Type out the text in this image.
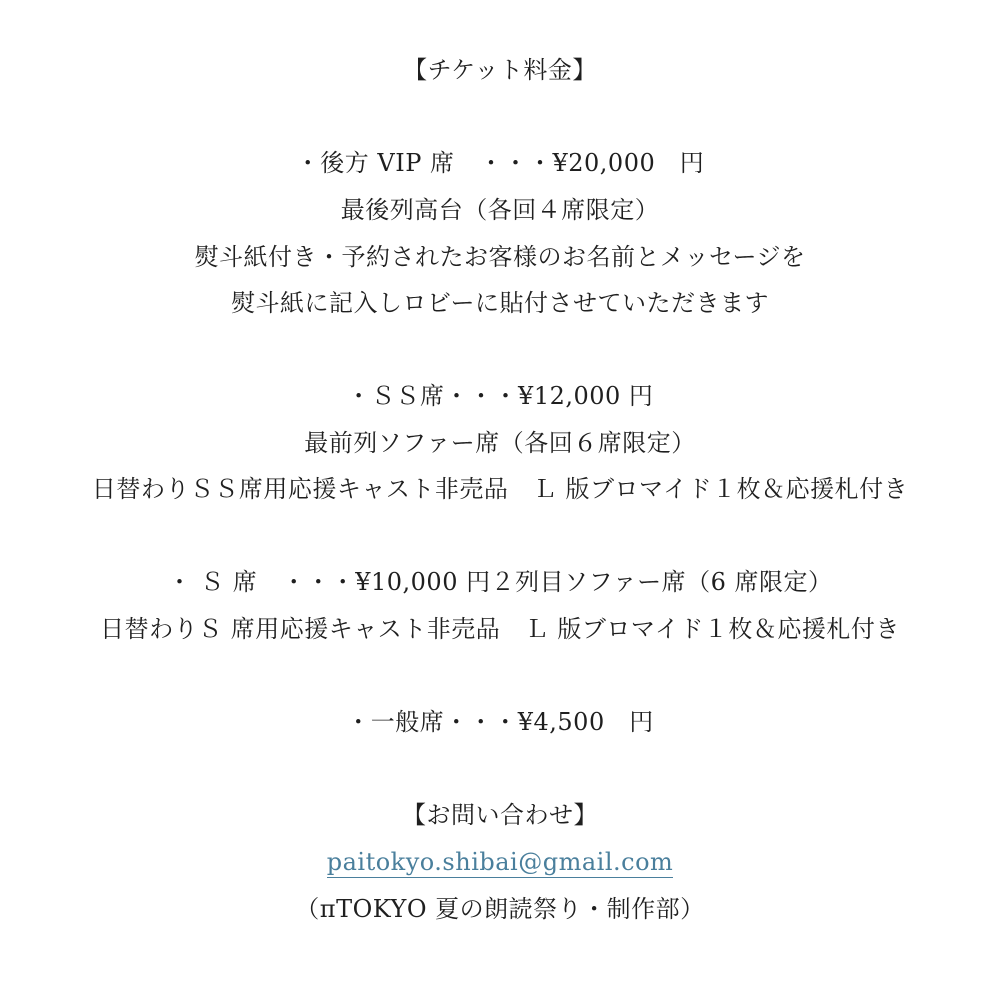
【チケット料金】
・後方 VIP 席　・・・¥20,000　円
最後列高台（各回４席限定）
熨斗紙付き・予約されたお客様のお名前とメッセージを
熨斗紙に記入しロビーに貼付させていただきます
・ＳＳ席・・・¥12,000 円
最前列ソファー席（各回６席限定）
日替わりＳＳ席用応援キャスト非売品　Ｌ 版ブロマイド１枚＆応援札付き
・ Ｓ 席　・・・¥10,000 円２列目ソファー席（6 席限定）
日替わりＳ 席用応援キャスト非売品　Ｌ 版ブロマイド１枚＆応援札付き
・一般席・・・¥4,500　円
【お問い合わせ】
paitokyo.shibai@gmail.com
（πTOKYO 夏の朗読祭り・制作部）
